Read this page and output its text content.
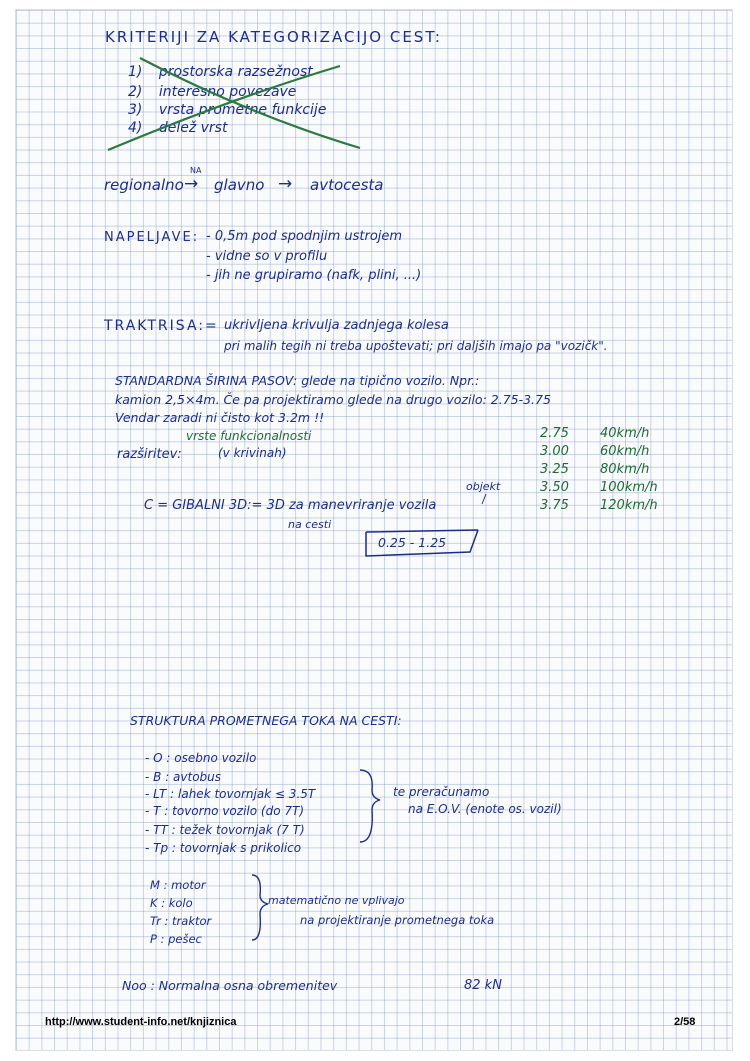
KRITERIJI ZA KATEGORIZACIJO CEST:
1) prostorska razsežnost
2) interesno povezave
3) vrsta prometne funkcije
4) delež vrst
regionalno
NA
→ glavno → avtocesta
NAPELJAVE: - 0,5m pod spodnjim ustrojem
- vidne so v profilu
- jih ne grupiramo (nafk, plini, ...)
TRAKTRISA:= ukrivljena krivulja zadnjega kolesa
pri malih tegih ni treba upoštevati; pri daljših imajo pa "vozičk".
STANDARDNA ŠIRINA PASOV: glede na tipično vozilo. Npr.:
kamion 2,5×4m. Če pa projektiramo glede na drugo vozilo: 2.75-3.75
Vendar zaradi ni čisto kot 3.2m !!
vrste funkcionalnosti
razširitev:	(v krivinah)
2.75 40km/h
3.00 60km/h
3.25 80km/h
3.50 100km/h
3.75 120km/h
objekt
C = GIBALNI 3D:= 3D za manevriranje vozila
na cesti
0.25 - 1.25
STRUKTURA PROMETNEGA TOKA NA CESTI:
- O : osebno vozilo
- B : avtobus
- LT : lahek tovornjak ≤ 3.5T
- T : tovorno vozilo (do 7T)
- TT : težek tovornjak (7 T)
- Tp : tovornjak s prikolico
te preračunamo
na E.O.V. (enote os. vozil)
M : motor
K : kolo
Tr : traktor
P : pešec
matematično ne vplivajo
na projektiranje prometnega toka
Noo : Normalna osna obremenitev	82 kN
http://www.student-info.net/knjiznica	2/58
